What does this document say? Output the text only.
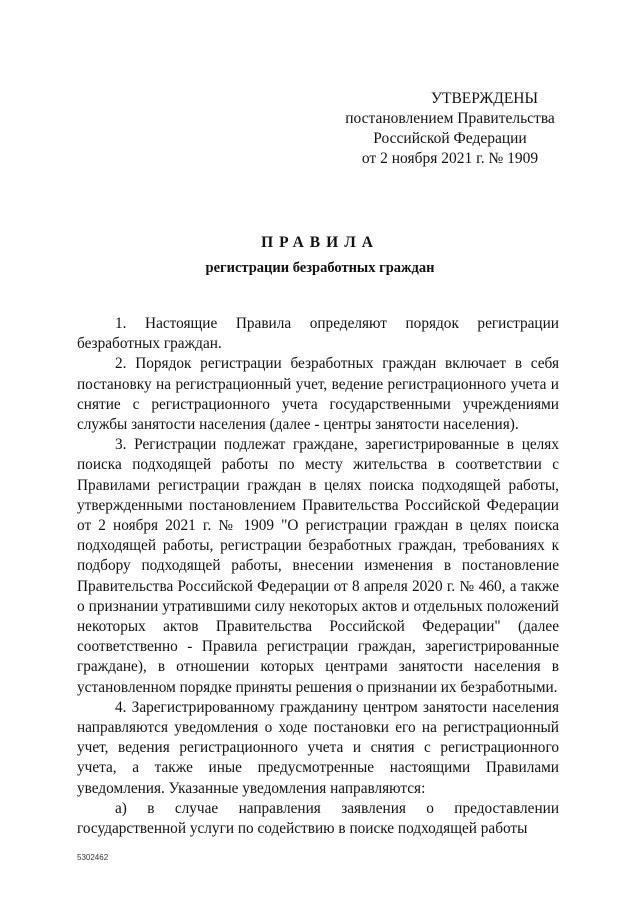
УТВЕРЖДЕНЫ
постановлением Правительства
Российской Федерации
от 2 ноября 2021 г. № 1909
ПРАВИЛА
регистрации безработных граждан

1. Настоящие Правила определяют порядок регистрации безработных граждан.

2. Порядок регистрации безработных граждан включает в себя постановку на регистрационный учет, ведение регистрационного учета и снятие с регистрационного учета государственными учреждениями службы занятости населения (далее - центры занятости населения).

3. Регистрации подлежат граждане, зарегистрированные в целях поиска подходящей работы по месту жительства в соответствии с Правилами регистрации граждан в целях поиска подходящей работы, утвержденными постановлением Правительства Российской Федерации от 2 ноября 2021 г. № 1909 "О регистрации граждан в целях поиска подходящей работы, регистрации безработных граждан, требованиях к подбору подходящей работы, внесении изменения в постановление Правительства Российской Федерации от 8 апреля 2020 г. № 460, а также о признании утратившими силу некоторых актов и отдельных положений некоторых актов Правительства Российской Федерации" (далее соответственно - Правила регистрации граждан, зарегистрированные граждане), в отношении которых центрами занятости населения в установленном порядке приняты решения о признании их безработными.

4. Зарегистрированному гражданину центром занятости населения направляются уведомления о ходе постановки его на регистрационный учет, ведения регистрационного учета и снятия с регистрационного учета, а также иные предусмотренные настоящими Правилами уведомления. Указанные уведомления направляются:

а) в случае направления заявления о предоставлении государственной услуги по содействию в поиске подходящей работы

5302462
